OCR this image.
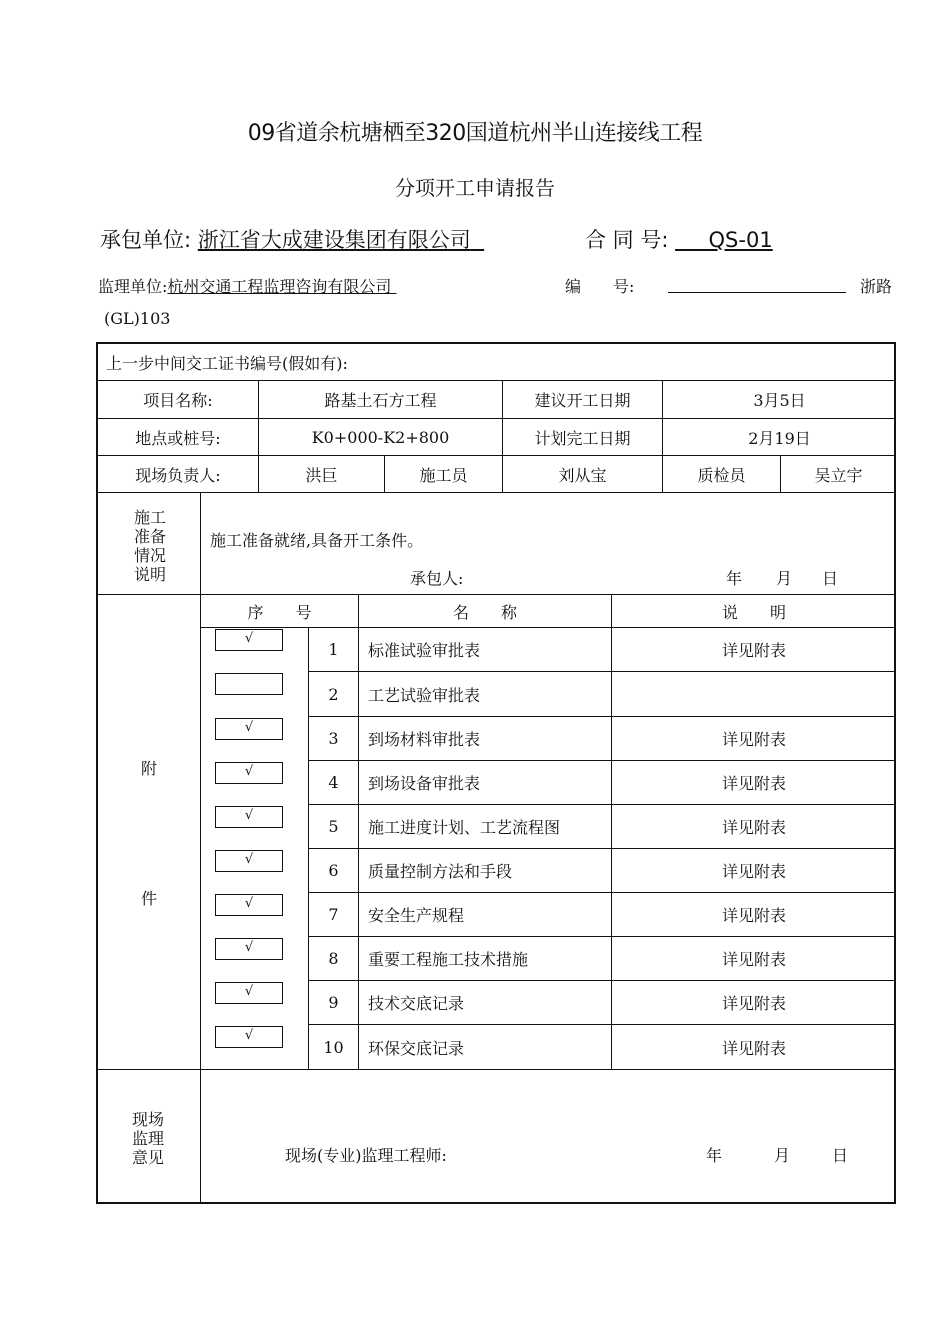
09省道余杭塘栖至320国道杭州半山连接线工程
分项开工申请报告
承包单位: 浙江省大成建设集团有限公司	合 同 号: QS-01
监理单位:杭州交通工程监理咨询有限公司	编　　号:	浙路
(GL)103
上一步中间交工证书编号(假如有):
项目名称:	路基土石方工程	建议开工日期	3月5日
地点或桩号:	K0+000-K2+800	计划完工日期	2月19日
现场负责人:	洪巨	施工员	刘从宝	质检员	吴立宇
施工
准备
情况
说明
施工准备就绪,具备开工条件。
承包人:	年 月 日
附
件
序　　号	名　　称	说　　明
√
1	标准试验审批表	详见附表
2	工艺试验审批表
√
3	到场材料审批表	详见附表
√
4	到场设备审批表	详见附表
√
5	施工进度计划、工艺流程图	详见附表
√
6	质量控制方法和手段	详见附表
√
7	安全生产规程	详见附表
√
8	重要工程施工技术措施	详见附表
√
9	技术交底记录	详见附表
√
10	环保交底记录	详见附表
现场
监理
意见	现场(专业)监理工程师:	年	月	日
